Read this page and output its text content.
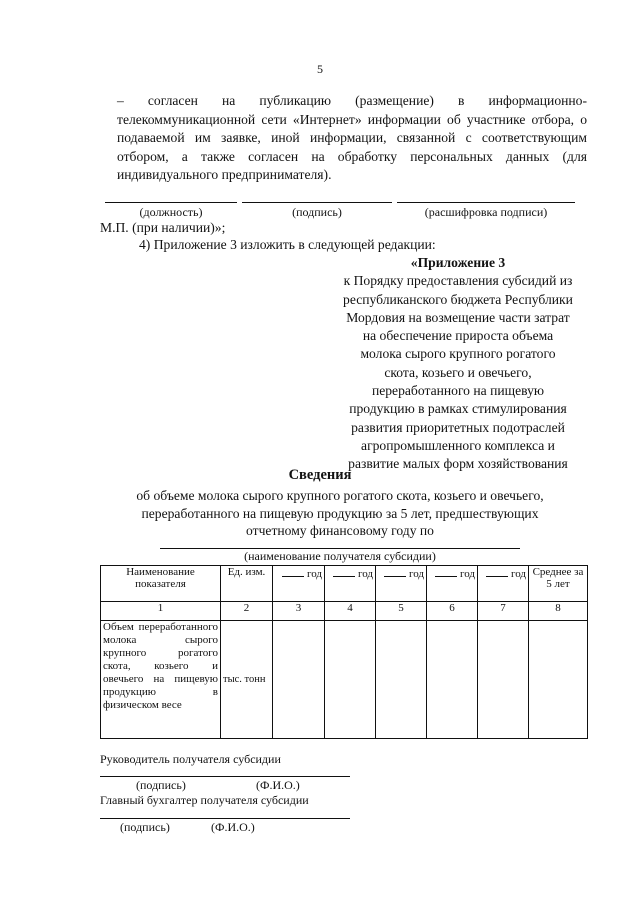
5
– согласен на публикацию (размещение) в информационно-телекоммуникационной сети «Интернет» информации об участнике отбора, о подаваемой им заявке, иной информации, связанной с соответствующим отбором, а также согласен на обработку персональных данных (для индивидуального предпринимателя).
(должность)	(подпись)	(расшифровка подписи)
М.П. (при наличии)»;
4) Приложение 3 изложить в следующей редакции:
«Приложение 3
к Порядку предоставления субсидий из
республиканского бюджета Республики
Мордовия на возмещение части затрат
на обеспечение прироста объема
молока сырого крупного рогатого
скота, козьего и овечьего,
переработанного на пищевую
продукцию в рамках стимулирования
развития приоритетных подотраслей
агропромышленного комплекса и
развитие малых форм хозяйствования
Сведения
об объеме молока сырого крупного рогатого скота, козьего и овечьего,
переработанного на пищевую продукцию за 5 лет, предшествующих
отчетному финансовому году по
(наименование получателя субсидии)
Наименование показателя	Ед. изм.	год	год	год	год	год	Среднее за 5 лет
1	2	3	4	5	6	7	8
Объем переработанного молока сырого крупного рогатого скота, козьего и овечьего на пищевую продукцию в физическом весе	тыс. тонн						
Руководитель получателя субсидии
(подпись)	(Ф.И.О.)
Главный бухгалтер получателя субсидии
(подпись)	(Ф.И.О.)
